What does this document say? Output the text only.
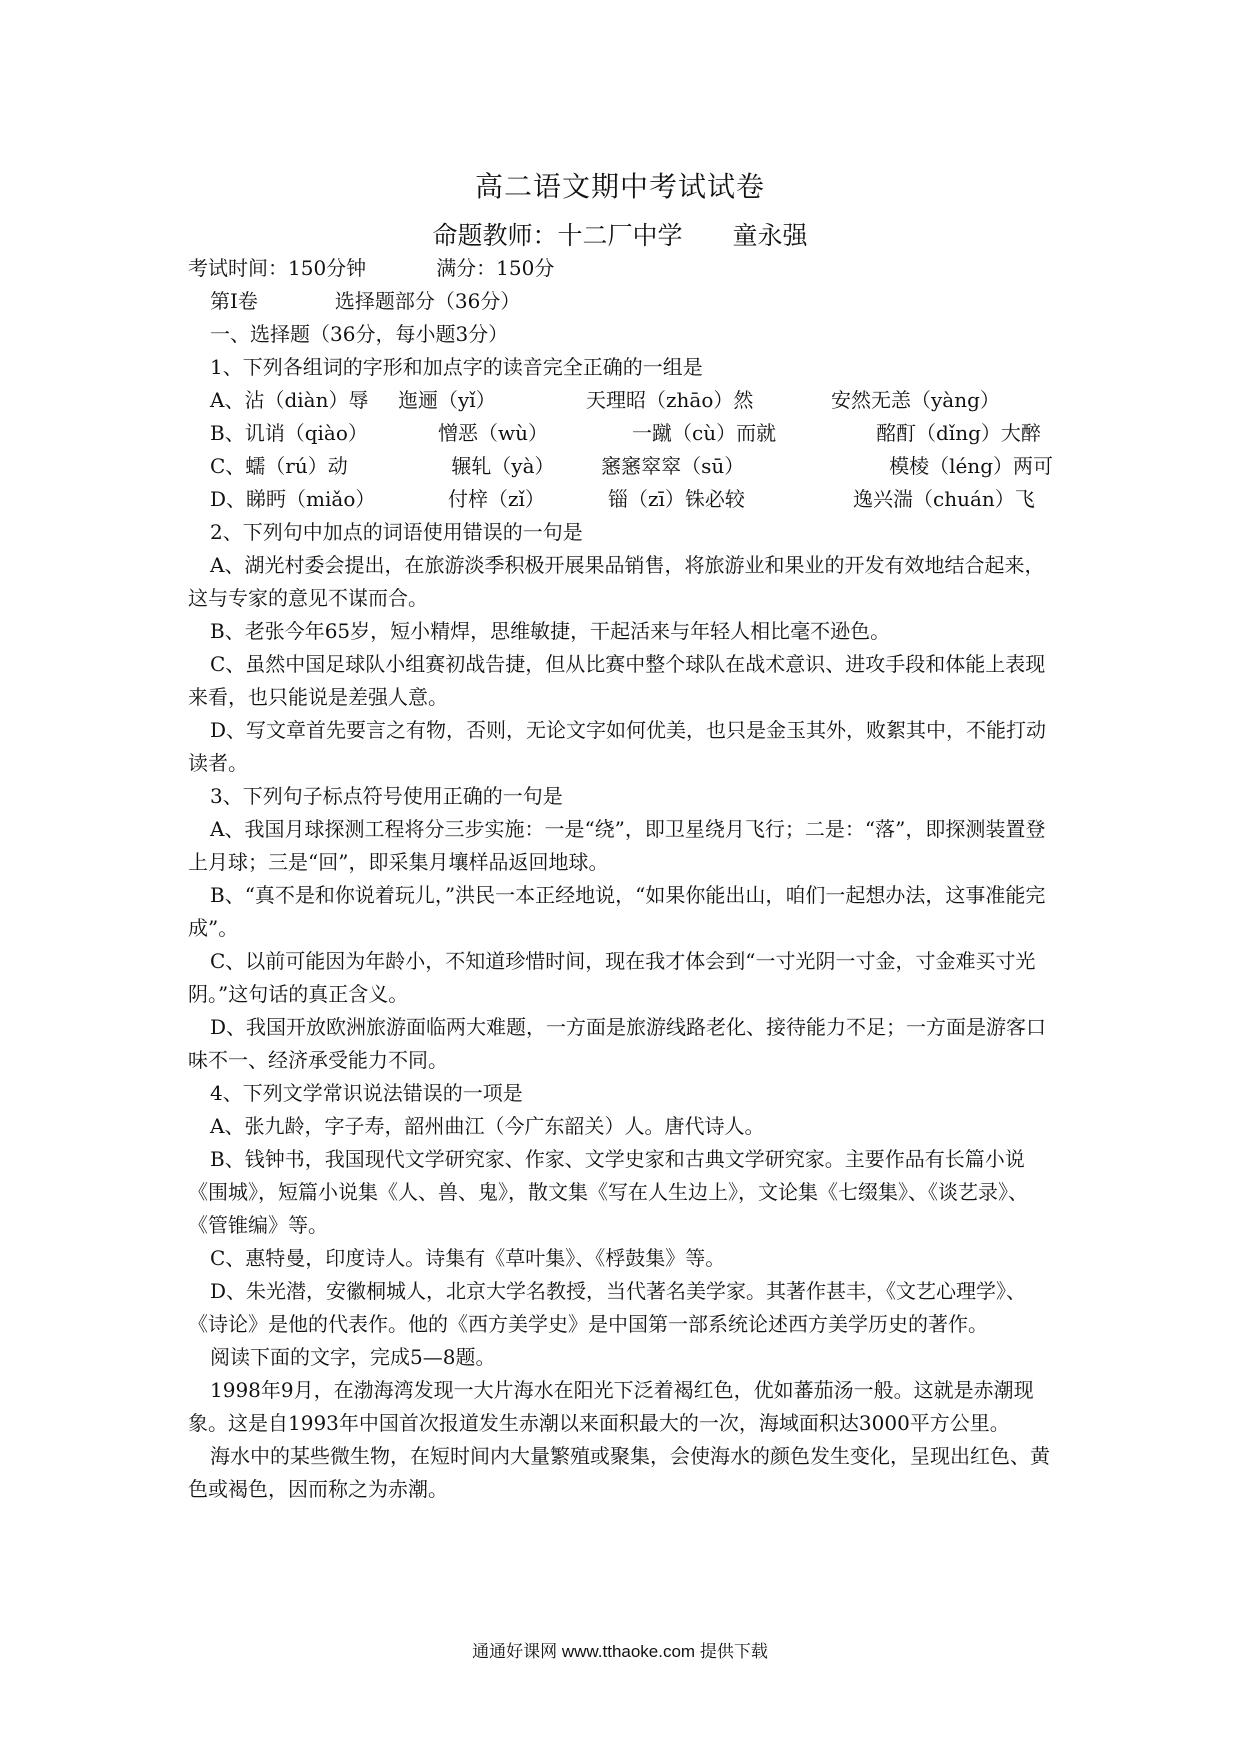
高二语文期中考试试卷
命题教师：十二厂中学 童永强

考试时间：150分钟	满分：150分

第Ⅰ卷	选择题部分（36分）

一、选择题（36分，每小题3分）

1、下列各组词的字形和加点字的读音完全正确的一组是

A、沾（diàn）辱	迤逦（yǐ）	天理昭（zhāo）然	安然无恙（yàng）
B、讥诮（qiào）	憎恶（wù）	一蹴（cù）而就	酩酊（dǐng）大醉
C、蠕（rú）动	辗轧（yà）	窸窸窣窣（sū）	模棱（léng）两可
D、睇眄（miǎo）	付梓（zǐ）	锱（zī）铢必较	逸兴湍（chuán）飞

2、下列句中加点的词语使用错误的一句是

A、湖光村委会提出，在旅游淡季积极开展果品销售，将旅游业和果业的开发有效地结合起来，这与专家的意见不谋而合。

B、老张今年65岁，短小精焊，思维敏捷，干起活来与年轻人相比毫不逊色。

C、虽然中国足球队小组赛初战告捷，但从比赛中整个球队在战术意识、进攻手段和体能上表现来看，也只能说是差强人意。

D、写文章首先要言之有物，否则，无论文字如何优美，也只是金玉其外，败絮其中，不能打动读者。

3、下列句子标点符号使用正确的一句是

A、我国月球探测工程将分三步实施：一是“绕”，即卫星绕月飞行；二是：“落”，即探测装置登上月球；三是“回”，即采集月壤样品返回地球。

B、“真不是和你说着玩儿，”洪民一本正经地说，“如果你能出山，咱们一起想办法，这事准能完成”。

C、以前可能因为年龄小，不知道珍惜时间，现在我才体会到“一寸光阴一寸金，寸金难买寸光阴。”这句话的真正含义。

D、我国开放欧洲旅游面临两大难题，一方面是旅游线路老化、接待能力不足；一方面是游客口味不一、经济承受能力不同。

4、下列文学常识说法错误的一项是

A、张九龄，字子寿，韶州曲江（今广东韶关）人。唐代诗人。

B、钱钟书，我国现代文学研究家、作家、文学史家和古典文学研究家。主要作品有长篇小说《围城》，短篇小说集《人、兽、鬼》，散文集《写在人生边上》，文论集《七缀集》、《谈艺录》、《管锥编》等。

C、惠特曼，印度诗人。诗集有《草叶集》、《桴鼓集》等。

D、朱光潜，安徽桐城人，北京大学名教授，当代著名美学家。其著作甚丰，《文艺心理学》、《诗论》是他的代表作。他的《西方美学史》是中国第一部系统论述西方美学历史的著作。

阅读下面的文字，完成5—8题。

1998年9月，在渤海湾发现一大片海水在阳光下泛着褐红色，优如蕃茄汤一般。这就是赤潮现象。这是自1993年中国首次报道发生赤潮以来面积最大的一次，海域面积达3000平方公里。

海水中的某些微生物，在短时间内大量繁殖或聚集，会使海水的颜色发生变化，呈现出红色、黄色或褐色，因而称之为赤潮。

通通好课网 www.tthaoke.com 提供下载
